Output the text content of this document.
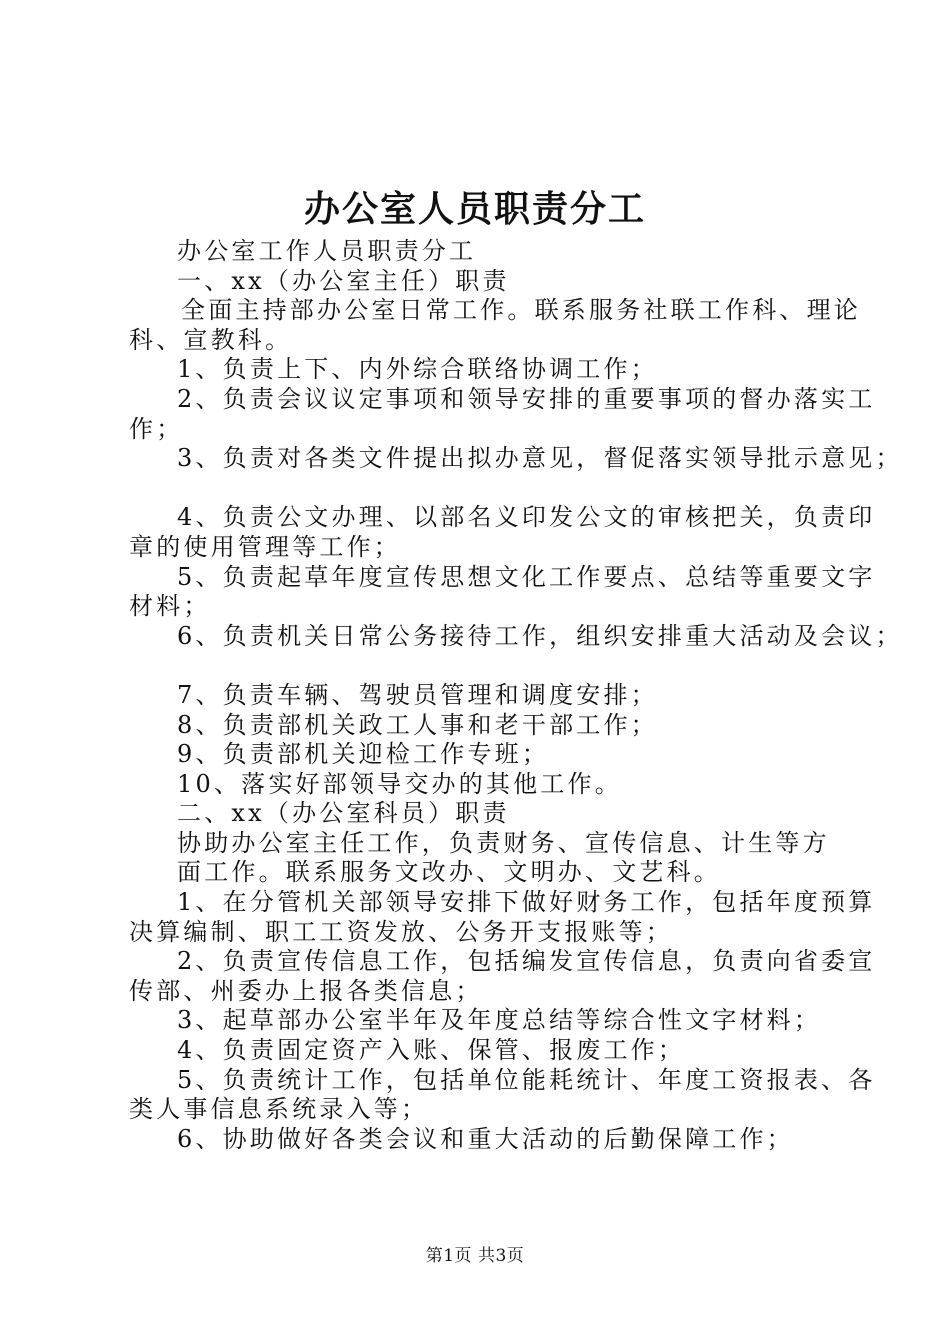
办公室人员职责分工
办公室工作人员职责分工
一、xx（办公室主任）职责
全面主持部办公室日常工作。联系服务社联工作科、理论
科、宣教科。
1、负责上下、内外综合联络协调工作；
2、负责会议议定事项和领导安排的重要事项的督办落实工
作；
3、负责对各类文件提出拟办意见，督促落实领导批示意见；
4、负责公文办理、以部名义印发公文的审核把关，负责印
章的使用管理等工作；
5、负责起草年度宣传思想文化工作要点、总结等重要文字
材料；
6、负责机关日常公务接待工作，组织安排重大活动及会议；
7、负责车辆、驾驶员管理和调度安排；
8、负责部机关政工人事和老干部工作；
9、负责部机关迎检工作专班；
10、落实好部领导交办的其他工作。
二、xx（办公室科员）职责
协助办公室主任工作，负责财务、宣传信息、计生等方
面工作。联系服务文改办、文明办、文艺科。
1、在分管机关部领导安排下做好财务工作，包括年度预算
决算编制、职工工资发放、公务开支报账等；
2、负责宣传信息工作，包括编发宣传信息，负责向省委宣
传部、州委办上报各类信息；
3、起草部办公室半年及年度总结等综合性文字材料；
4、负责固定资产入账、保管、报废工作；
5、负责统计工作，包括单位能耗统计、年度工资报表、各
类人事信息系统录入等；
6、协助做好各类会议和重大活动的后勤保障工作；
第1页 共3页
